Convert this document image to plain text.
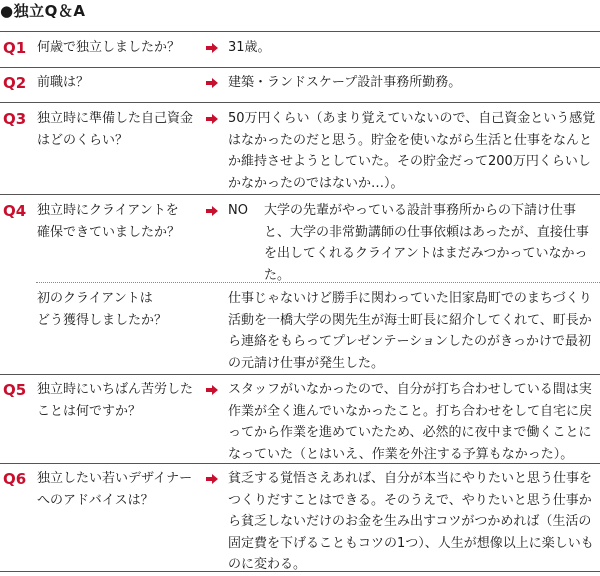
●独立Q＆A
Q1 何歳で独立しましたか？	31歳。
Q2 前職は？	建築・ランドスケープ設計事務所勤務。
Q3 独立時に準備した自己資金
はどのくらい？
50万円くらい（あまり覚えていないので、自己資金という感覚はなかったのだと思う。貯金を使いながら生活と仕事をなんとか維持させようとしていた。その貯金だって200万円くらいしかなかったのではないか…）。
Q4 独立時にクライアントを
確保できていましたか？
NO 大学の先輩がやっている設計事務所からの下請け仕事と、大学の非常勤講師の仕事依頼はあったが、直接仕事を出してくれるクライアントはまだみつかっていなかった。
初のクライアントは
どう獲得しましたか？
仕事じゃないけど勝手に関わっていた旧家島町でのまちづくり活動を一橋大学の関先生が海士町長に紹介してくれて、町長から連絡をもらってプレゼンテーションしたのがきっかけで最初の元請け仕事が発生した。
Q5 独立時にいちばん苦労した
ことは何ですか？
スタッフがいなかったので、自分が打ち合わせしている間は実作業が全く進んでいなかったこと。打ち合わせをして自宅に戻ってから作業を進めていたため、必然的に夜中まで働くことになっていた（とはいえ、作業を外注する予算もなかった）。
Q6 独立したい若いデザイナー
へのアドバイスは？
貧乏する覚悟さえあれば、自分が本当にやりたいと思う仕事をつくりだすことはできる。そのうえで、やりたいと思う仕事から貧乏しないだけのお金を生み出すコツがつかめれば（生活の固定費を下げることもコツの1つ）、人生が想像以上に楽しいものに変わる。
